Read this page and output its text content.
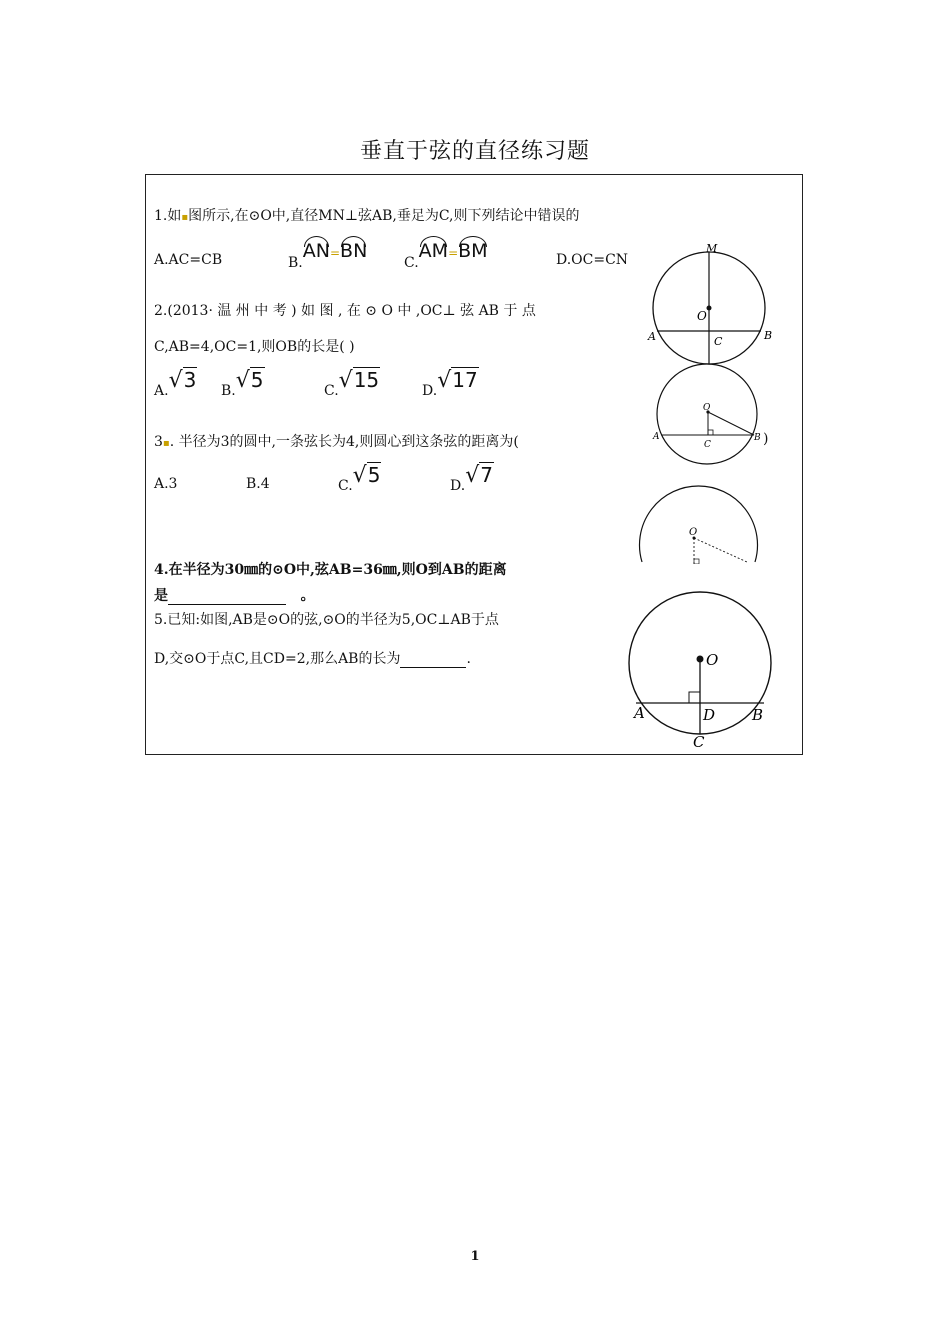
垂直于弦的直径练习题
1.如▪图所示,在⊙O中,直径MN⊥弦AB,垂足为C,则下列结论中错误的
A.AC=CB	B.AN=BN
C.AM=BM	D.OC=CN
2.(2013· 温 州 中 考 ) 如 图 , 在 ⊙ O 中 ,OC⊥ 弦 AB 于 点
C,AB=4,OC=1,则OB的长是( )
A.√3 B.√5	C.√15	D.√17
3▪. 半径为3的圆中,一条弦长为4,则圆心到这条弦的距离为(	)
A.3	B.4	C.√5	D.√7
4.在半径为30㎜的⊙O中,弦AB=36㎜,则O到AB的距离
是	。
5.已知:如图,AB是⊙O的弦,⊙O的半径为5,OC⊥AB于点
D,交⊙O于点C,且CD=2,那么AB的长为	.
M
O
A	B
C
O
A	B
C
O
O
A	D B
C
1
